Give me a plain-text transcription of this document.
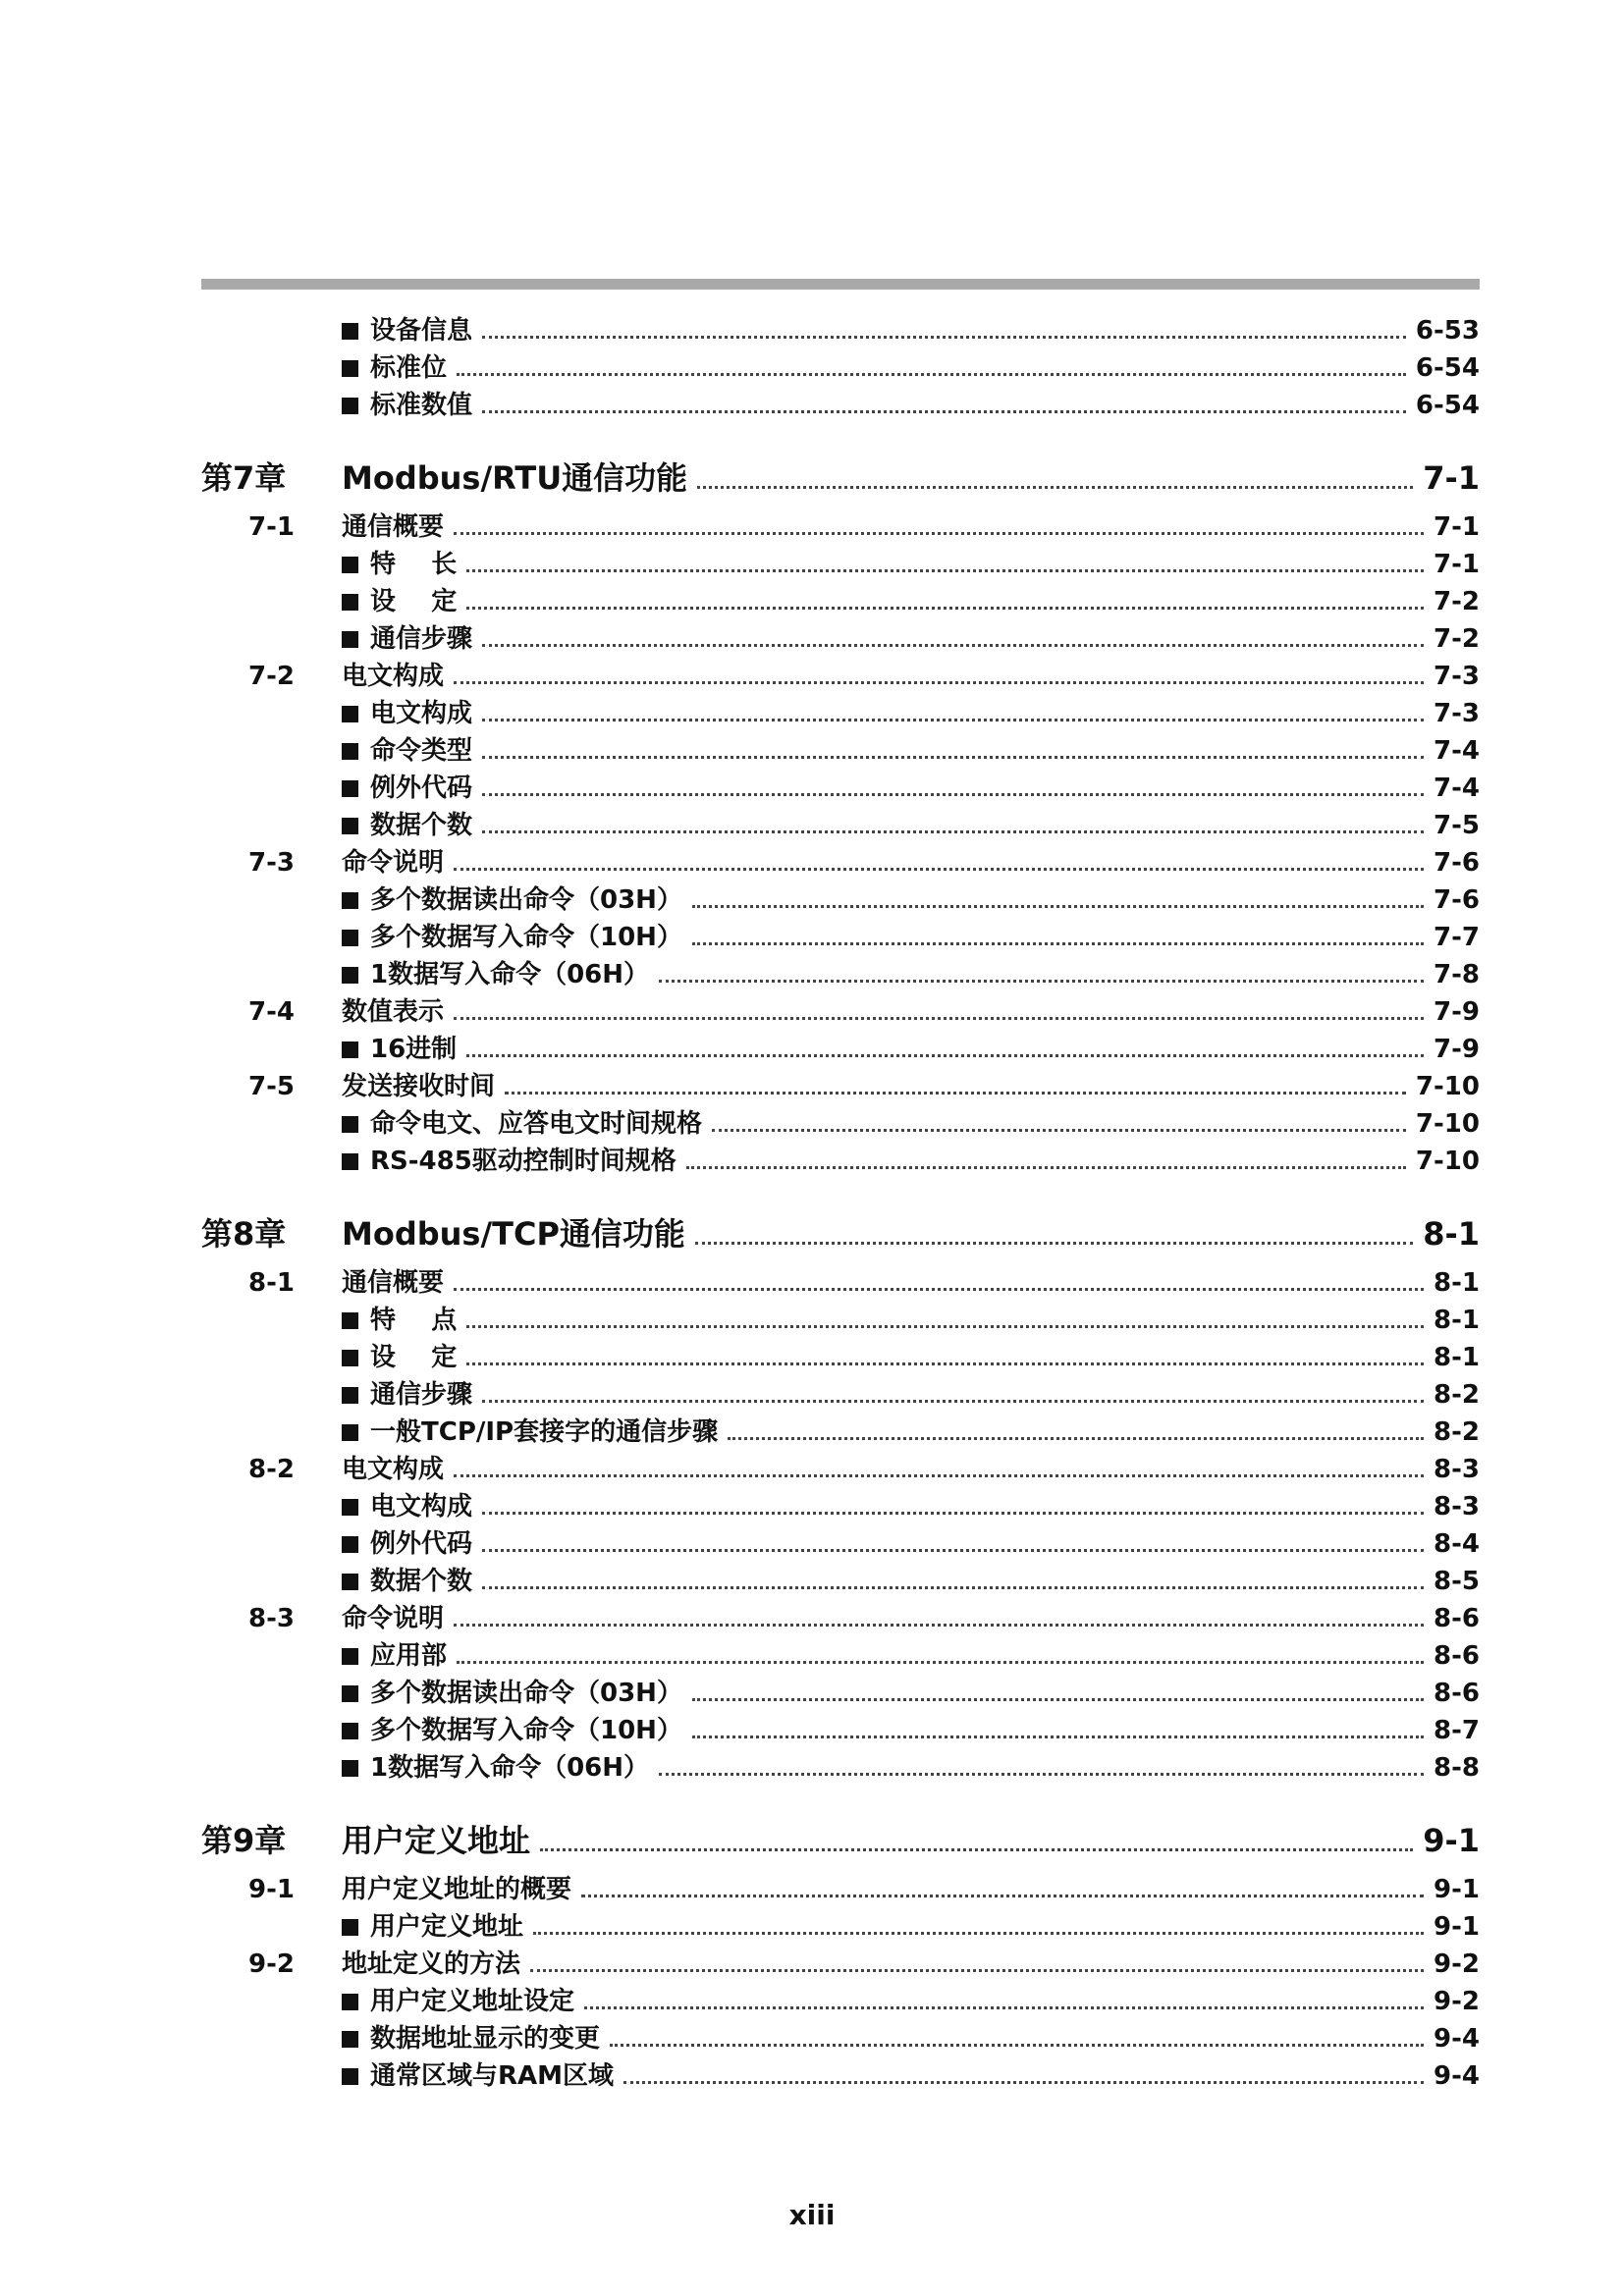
设备信息	6-53
标准位	6-54
标准数值	6-54
第7章	Modbus/RTU通信功能	7-1
7-1	通信概要	7-1
特    长	7-1
设    定	7-2
通信步骤	7-2
7-2	电文构成	7-3
电文构成	7-3
命令类型	7-4
例外代码	7-4
数据个数	7-5
7-3	命令说明	7-6
多个数据读出命令（03H）	7-6
多个数据写入命令（10H）	7-7
1数据写入命令（06H）	7-8
7-4	数值表示	7-9
16进制	7-9
7-5	发送接收时间	7-10
命令电文、应答电文时间规格	7-10
RS-485驱动控制时间规格	7-10
第8章	Modbus/TCP通信功能	8-1
8-1	通信概要	8-1
特    点	8-1
设    定	8-1
通信步骤	8-2
一般TCP/IP套接字的通信步骤	8-2
8-2	电文构成	8-3
电文构成	8-3
例外代码	8-4
数据个数	8-5
8-3	命令说明	8-6
应用部	8-6
多个数据读出命令（03H）	8-6
多个数据写入命令（10H）	8-7
1数据写入命令（06H）	8-8
第9章	用户定义地址	9-1
9-1	用户定义地址的概要	9-1
用户定义地址	9-1
9-2	地址定义的方法	9-2
用户定义地址设定	9-2
数据地址显示的变更	9-4
通常区域与RAM区域	9-4
xiii
